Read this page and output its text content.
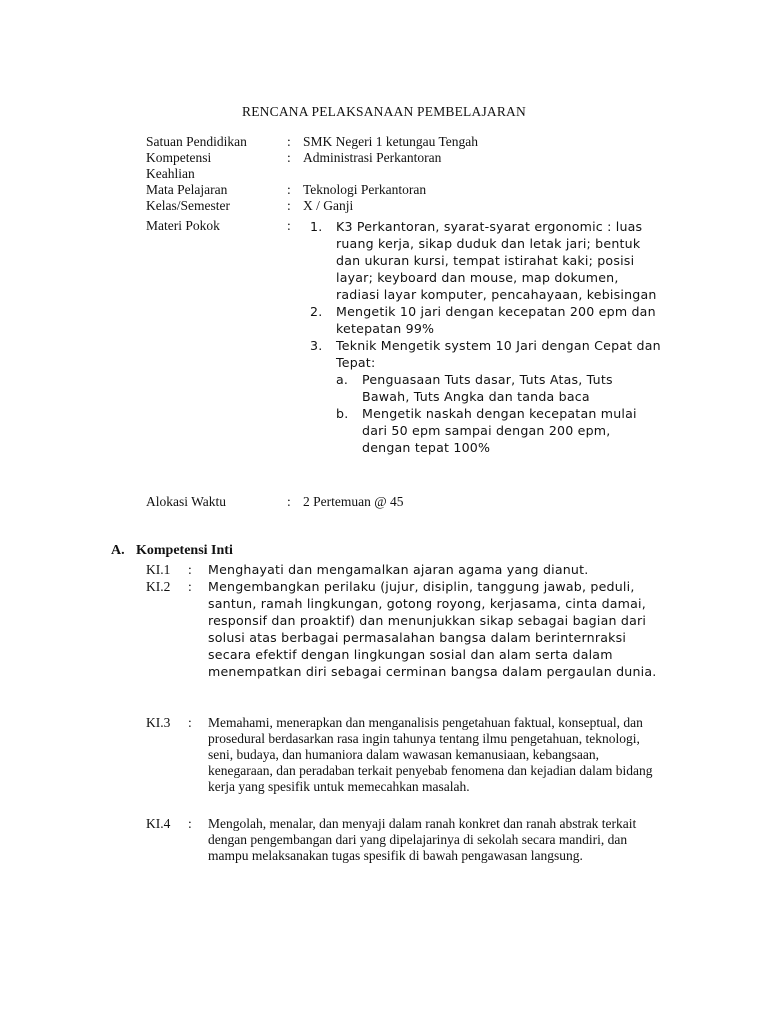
RENCANA PELAKSANAAN PEMBELAJARAN
Satuan Pendidikan	: SMK Negeri 1 ketungau Tengah
Kompetensi	: Administrasi Perkantoran
Keahlian
Mata Pelajaran	: Teknologi Perkantoran
Kelas/Semester	: X / Ganji
Materi Pokok	: 1. K3 Perkantoran, syarat-syarat ergonomic : luas ruang kerja, sikap duduk dan letak jari; bentuk dan ukuran kursi, tempat istirahat kaki; posisi layar; keyboard dan mouse, map dokumen, radiasi layar komputer, pencahayaan, kebisingan
2. Mengetik 10 jari dengan kecepatan 200 epm dan ketepatan 99%
3. Teknik Mengetik system 10 Jari dengan Cepat dan Tepat:
a. Penguasaan Tuts dasar, Tuts Atas, Tuts Bawah, Tuts Angka dan tanda baca
b. Mengetik naskah dengan kecepatan mulai dari 50 epm sampai dengan 200 epm, dengan tepat 100%
Alokasi Waktu	: 2 Pertemuan @ 45
A. Kompetensi Inti
KI.1 : Menghayati dan mengamalkan ajaran agama yang dianut.
KI.2 : Mengembangkan perilaku (jujur, disiplin, tanggung jawab, peduli, santun, ramah lingkungan, gotong royong, kerjasama, cinta damai, responsif dan proaktif) dan menunjukkan sikap sebagai bagian dari solusi atas berbagai permasalahan bangsa dalam berinternraksi secara efektif dengan lingkungan sosial dan alam serta dalam menempatkan diri sebagai cerminan bangsa dalam pergaulan dunia.
KI.3 : Memahami, menerapkan dan menganalisis pengetahuan faktual, konseptual, dan prosedural berdasarkan rasa ingin tahunya tentang ilmu pengetahuan, teknologi, seni, budaya, dan humaniora dalam wawasan kemanusiaan, kebangsaan, kenegaraan, dan peradaban terkait penyebab fenomena dan kejadian dalam bidang kerja yang spesifik untuk memecahkan masalah.
KI.4 : Mengolah, menalar, dan menyaji dalam ranah konkret dan ranah abstrak terkait dengan pengembangan dari yang dipelajarinya di sekolah secara mandiri, dan mampu melaksanakan tugas spesifik di bawah pengawasan langsung.
